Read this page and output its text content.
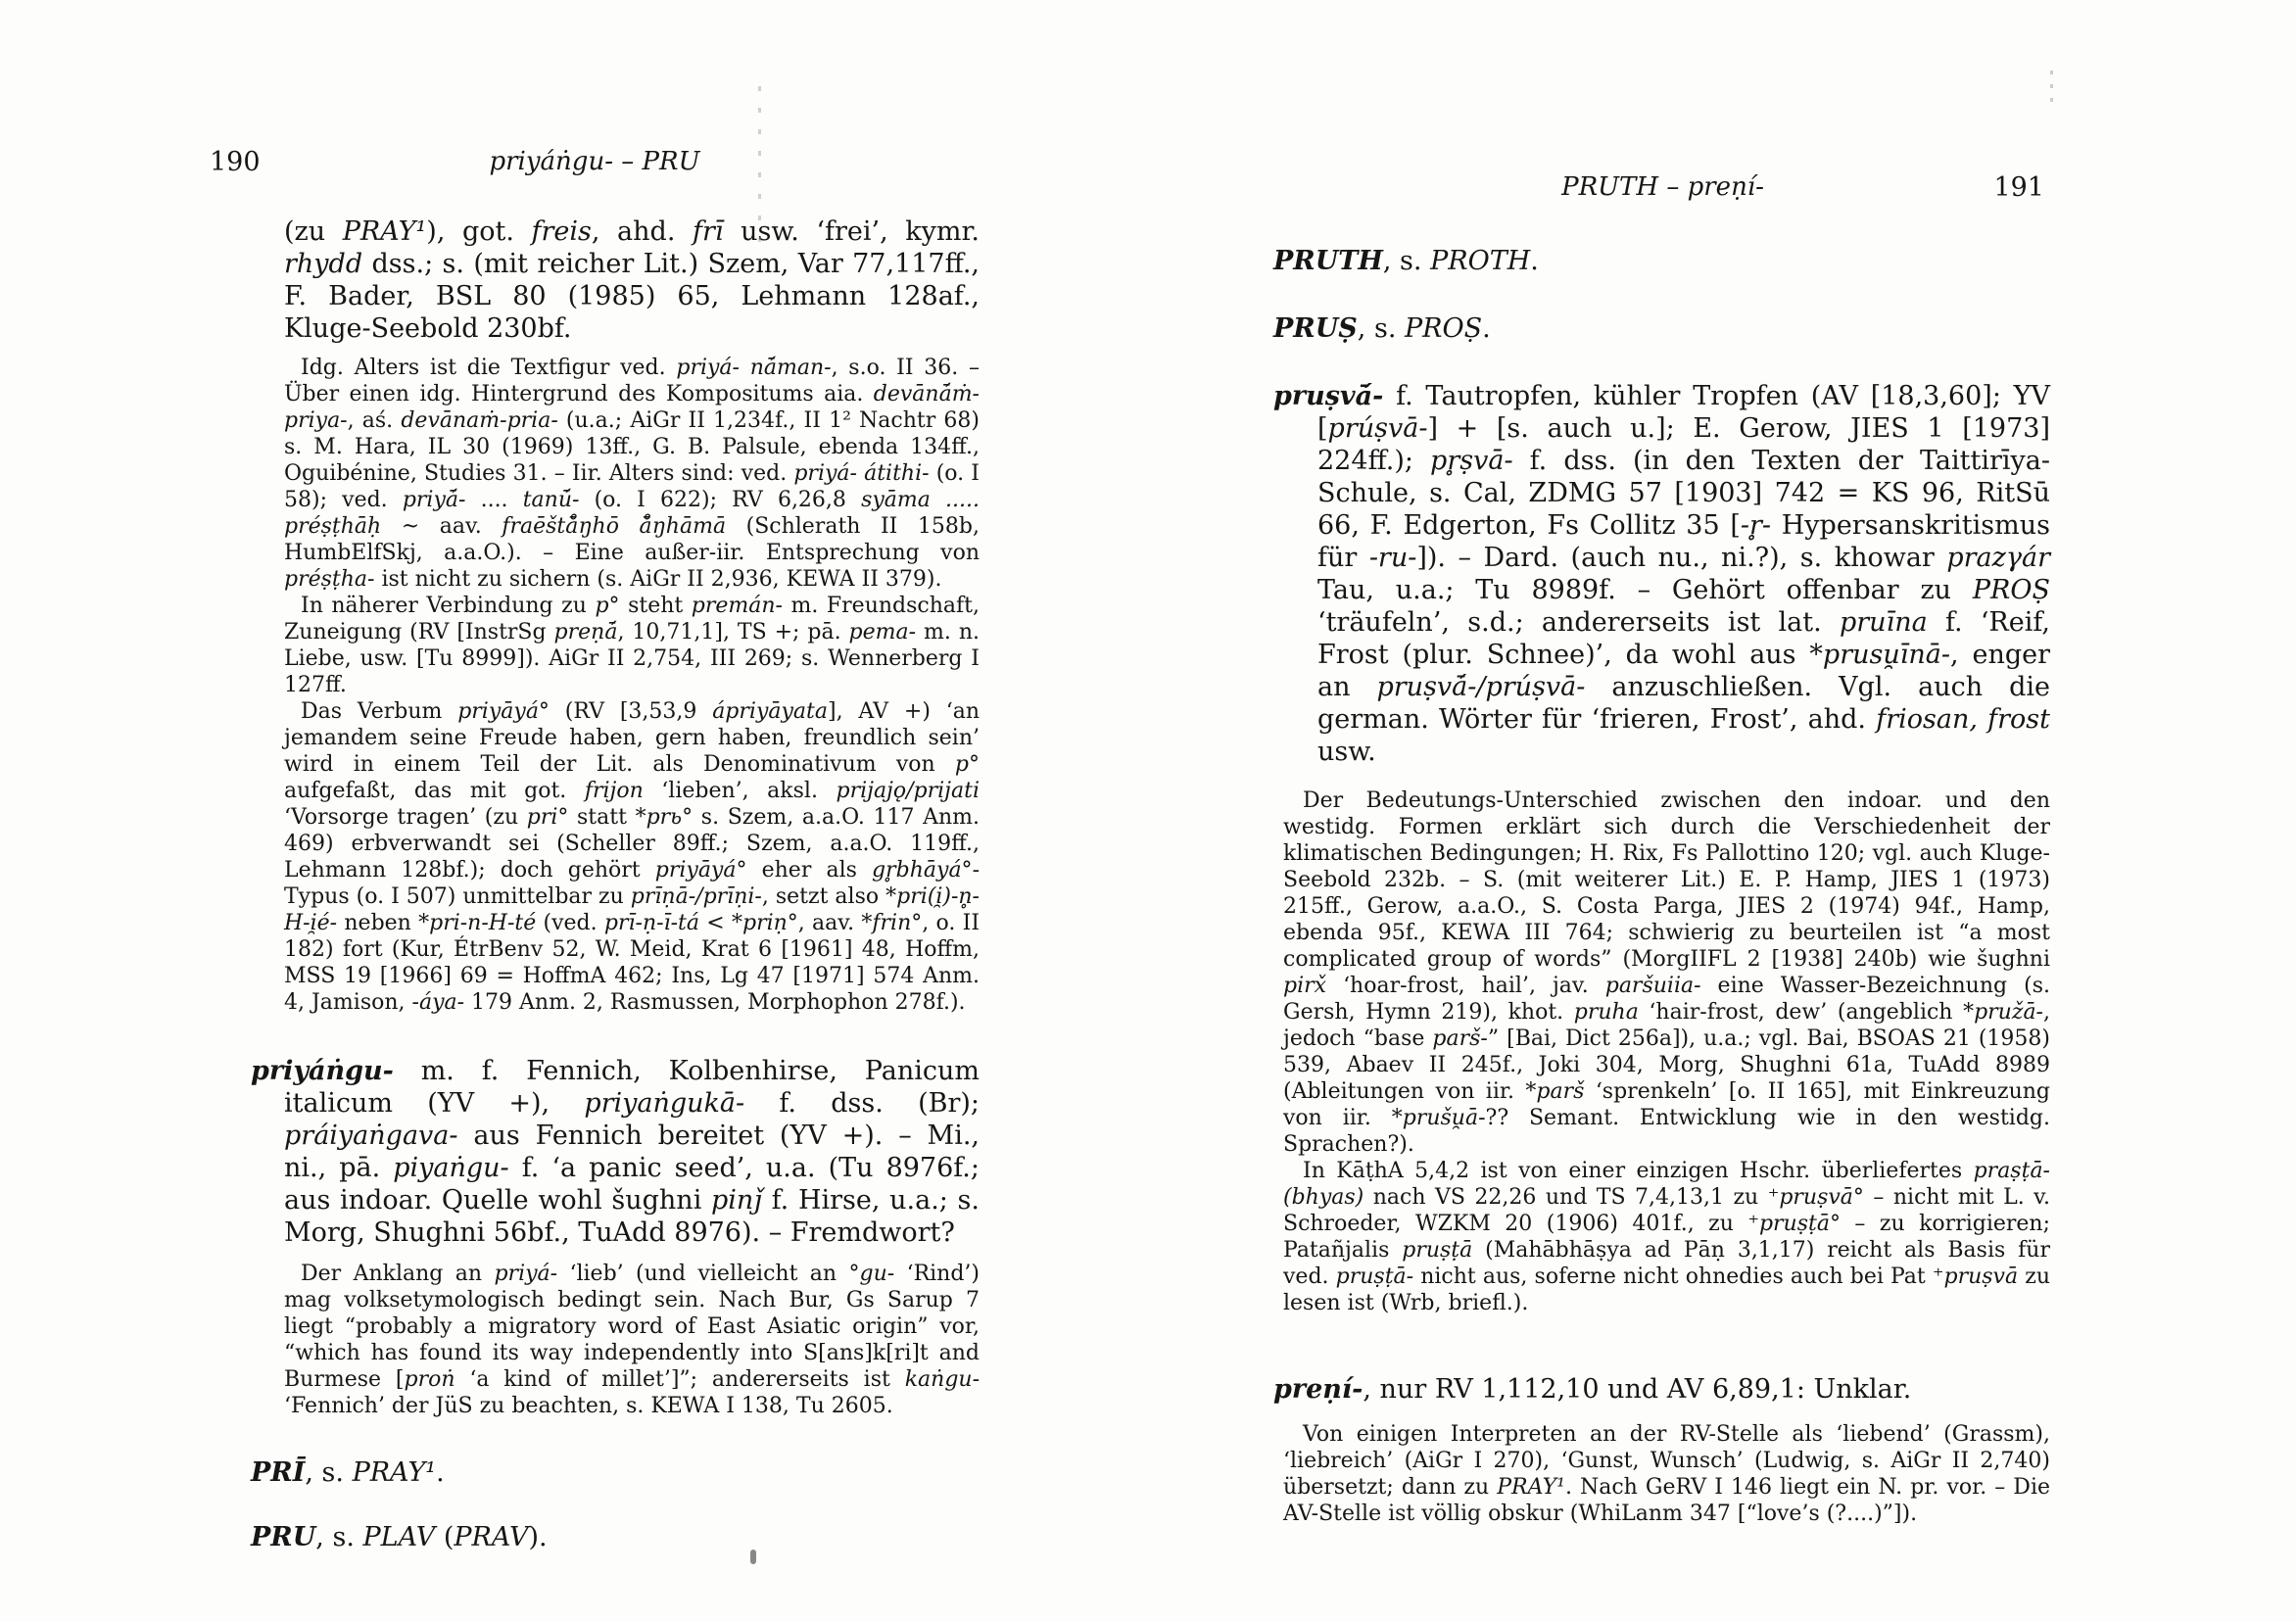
190	priyáṅgu- – PRU

(zu PRAY¹), got. freis, ahd. frī usw. ‘frei’, kymr. rhydd dss.; s. (mit reicher Lit.) Szem, Var 77,117ff., F. Bader, BSL 80 (1985) 65, Lehmann 128af., Kluge-Seebold 230bf.

Idg. Alters ist die Textfigur ved. priyá- nā́man-, s.o. II 36. – Über einen idg. Hintergrund des Kompositums aia. devānā́ṁ-priya-, aś. devānaṁ-pria- (u.a.; AiGr II 1,234f., II 1² Nachtr 68) s. M. Hara, IL 30 (1969) 13ff., G. B. Palsule, ebenda 134ff., Oguibénine, Studies 31. – Iir. Alters sind: ved. priyá- átithi- (o. I 58); ved. priyā́- .... tanū́- (o. I 622); RV 6,26,8 syāma ..... préṣṭhāḥ ~ aav. fraēštā̊ŋhō ā̊ŋhāmā (Schlerath II 158b, HumbElfSkj, a.a.O.). – Eine außer-iir. Entsprechung von préṣṭha- ist nicht zu sichern (s. AiGr II 2,936, KEWA II 379).

In näherer Verbindung zu p° steht premán- m. Freundschaft, Zuneigung (RV [InstrSg preṇā́, 10,71,1], TS +; pā. pema- m. n. Liebe, usw. [Tu 8999]). AiGr II 2,754, III 269; s. Wennerberg I 127ff.

Das Verbum priyāyá° (RV [3,53,9 ápriyāyata], AV +) ‘an jemandem seine Freude haben, gern haben, freundlich sein’ wird in einem Teil der Lit. als Denominativum von p° aufgefaßt, das mit got. frijon ‘lieben’, aksl. prijajǫ/prijati ‘Vorsorge tragen’ (zu pri° statt *prь° s. Szem, a.a.O. 117 Anm. 469) erbverwandt sei (Scheller 89ff.; Szem, a.a.O. 119ff., Lehmann 128bf.); doch gehört priyāyá° eher als gr̥bhāyá°-Typus (o. I 507) unmittelbar zu prīṇā-/prīṇi-, setzt also *pri(i̯)-n̥-H-i̯é- neben *pri-n-H-té (ved. prī-ṇ-ī-tá < *priṇ°, aav. *frin°, o. II 182) fort (Kur, ÉtrBenv 52, W. Meid, Krat 6 [1961] 48, Hoffm, MSS 19 [1966] 69 = HoffmA 462; Ins, Lg 47 [1971] 574 Anm. 4, Jamison, -áya- 179 Anm. 2, Rasmussen, Morphophon 278f.).

priyáṅgu- m. f. Fennich, Kolbenhirse, Panicum italicum (YV +), priyaṅgukā- f. dss. (Br); práiyaṅgava- aus Fennich bereitet (YV +). – Mi., ni., pā. piyaṅgu- f. ‘a panic seed’, u.a. (Tu 8976f.; aus indoar. Quelle wohl šughni pinǰ f. Hirse, u.a.; s. Morg, Shughni 56bf., TuAdd 8976). – Fremdwort?

Der Anklang an priyá- ‘lieb’ (und vielleicht an °gu- ‘Rind’) mag volksetymologisch bedingt sein. Nach Bur, Gs Sarup 7 liegt “probably a migratory word of East Asiatic origin” vor, “which has found its way independently into S[ans]k[ri]t and Burmese [proṅ ‘a kind of millet’]”; andererseits ist kaṅgu- ‘Fennich’ der JüS zu beachten, s. KEWA I 138, Tu 2605.

PRĪ, s. PRAY¹.

PRU, s. PLAV (PRAV).

PRUTH – preṇí-	191

PRUTH, s. PROTH.

PRUṢ, s. PROṢ.

pruṣvā́- f. Tautropfen, kühler Tropfen (AV [18,3,60]; YV [prúṣvā-] + [s. auch u.]; E. Gerow, JIES 1 [1973] 224ff.); pr̥ṣvā- f. dss. (in den Texten der Taittirīya-Schule, s. Cal, ZDMG 57 [1903] 742 = KS 96, RitSū 66, F. Edgerton, Fs Collitz 35 [-r̥- Hypersanskritismus für -ru-]). – Dard. (auch nu., ni.?), s. khowar prazγár Tau, u.a.; Tu 8989f. – Gehört offenbar zu PROṢ ‘träufeln’, s.d.; andererseits ist lat. pruīna f. ‘Reif, Frost (plur. Schnee)’, da wohl aus *prusu̯īnā-, enger an pruṣvā́-/prúṣvā- anzuschließen. Vgl. auch die german. Wörter für ‘frieren, Frost’, ahd. friosan, frost usw.

Der Bedeutungs-Unterschied zwischen den indoar. und den westidg. Formen erklärt sich durch die Verschiedenheit der klimatischen Bedingungen; H. Rix, Fs Pallottino 120; vgl. auch Kluge-Seebold 232b. – S. (mit weiterer Lit.) E. P. Hamp, JIES 1 (1973) 215ff., Gerow, a.a.O., S. Costa Parga, JIES 2 (1974) 94f., Hamp, ebenda 95f., KEWA III 764; schwierig zu beurteilen ist “a most complicated group of words” (MorgIIFL 2 [1938] 240b) wie šughni pirx̌ ‘hoar-frost, hail’, jav. paršuiia- eine Wasser-Bezeichnung (s. Gersh, Hymn 219), khot. pruha ‘hair-frost, dew’ (angeblich *pružā-, jedoch “base parš-” [Bai, Dict 256a]), u.a.; vgl. Bai, BSOAS 21 (1958) 539, Abaev II 245f., Joki 304, Morg, Shughni 61a, TuAdd 8989 (Ableitungen von iir. *parš ‘sprenkeln’ [o. II 165], mit Einkreuzung von iir. *prušu̯ā-?? Semant. Entwicklung wie in den westidg. Sprachen?).

In KāṭhA 5,4,2 ist von einer einzigen Hschr. überliefertes praṣṭā-(bhyas) nach VS 22,26 und TS 7,4,13,1 zu ⁺pruṣvā° – nicht mit L. v. Schroeder, WZKM 20 (1906) 401f., zu ⁺pruṣṭā° – zu korrigieren; Patañjalis pruṣṭā (Mahābhāṣya ad Pāṇ 3,1,17) reicht als Basis für ved. pruṣṭā- nicht aus, soferne nicht ohnedies auch bei Pat ⁺pruṣvā zu lesen ist (Wrb, briefl.).

preṇí-, nur RV 1,112,10 und AV 6,89,1: Unklar.

Von einigen Interpreten an der RV-Stelle als ‘liebend’ (Grassm), ‘liebreich’ (AiGr I 270), ‘Gunst, Wunsch’ (Ludwig, s. AiGr II 2,740) übersetzt; dann zu PRAY¹. Nach GeRV I 146 liegt ein N. pr. vor. – Die AV-Stelle ist völlig obskur (WhiLanm 347 [“love’s (?....)”]).
